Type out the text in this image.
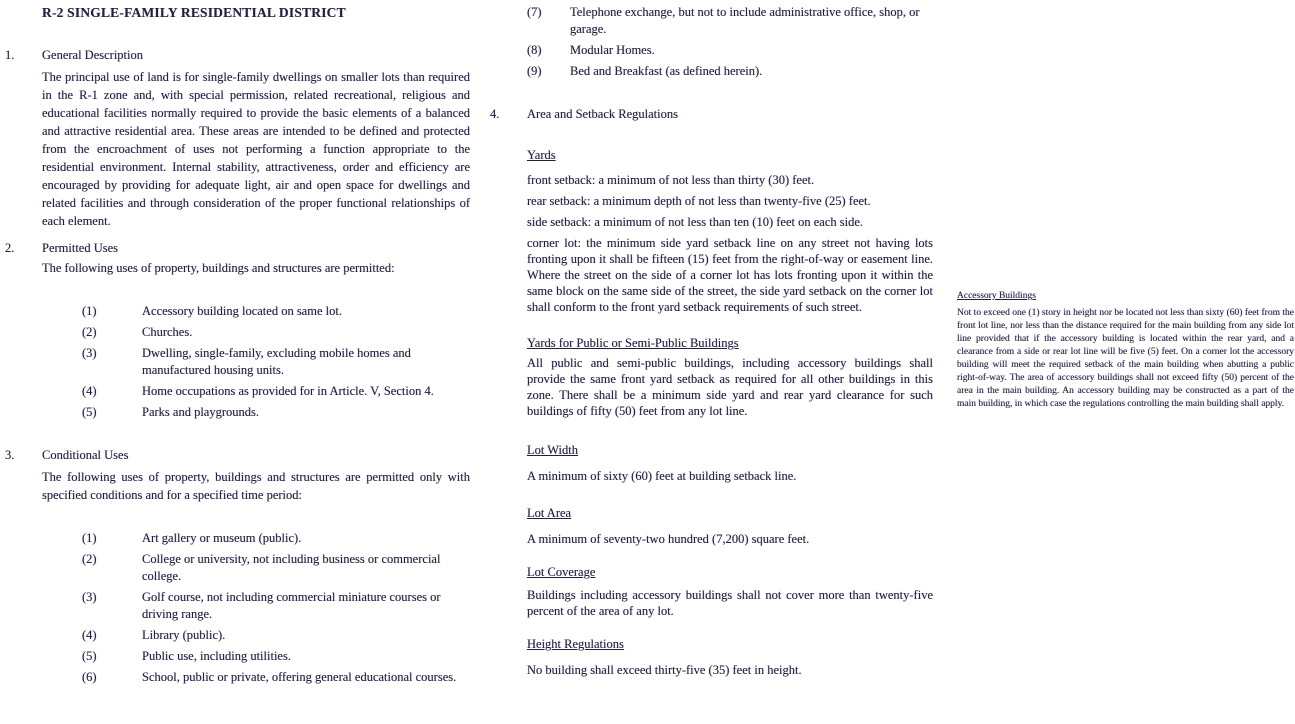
R-2 SINGLE-FAMILY RESIDENTIAL DISTRICT
1.	General Description

The principal use of land is for single-family dwellings on smaller lots than required in the R-1 zone and, with special permission, related recreational, religious and educational facilities normally required to provide the basic elements of a balanced and attractive residential area. These areas are intended to be defined and protected from the encroachment of uses not performing a function appropriate to the residential environment. Internal stability, attractiveness, order and efficiency are encouraged by providing for adequate light, air and open space for dwellings and related facilities and through consideration of the proper functional relationships of each element.

2.	Permitted Uses

The following uses of property, buildings and structures are permitted:

(1)	Accessory building located on same lot.
(2)	Churches.
(3)	Dwelling, single-family, excluding mobile homes and manufactured housing units.
(4)	Home occupations as provided for in Article. V, Section 4.
(5)	Parks and playgrounds.
3.	Conditional Uses

The following uses of property, buildings and structures are permitted only with specified conditions and for a specified time period:

(1)	Art gallery or museum (public).
(2)	College or university, not including business or commercial college.
(3)	Golf course, not including commercial miniature courses or driving range.
(4)	Library (public).
(5)	Public use, including utilities.
(6)	School, public or private, offering general educational courses.
(7)	Telephone exchange, but not to include administrative office, shop, or garage.
(8)	Modular Homes.
(9)	Bed and Breakfast (as defined herein).
4.	Area and Setback Regulations
Yards

front setback: a minimum of not less than thirty (30) feet.

rear setback: a minimum depth of not less than twenty-five (25) feet.

side setback: a minimum of not less than ten (10) feet on each side.

corner lot: the minimum side yard setback line on any street not having lots fronting upon it shall be fifteen (15) feet from the right-of-way or easement line. Where the street on the side of a corner lot has lots fronting upon it within the same block on the same side of the street, the side yard setback on the corner lot shall conform to the front yard setback requirements of such street.

Yards for Public or Semi-Public Buildings

All public and semi-public buildings, including accessory buildings shall provide the same front yard setback as required for all other buildings in this zone. There shall be a minimum side yard and rear yard clearance for such buildings of fifty (50) feet from any lot line.

Lot Width

A minimum of sixty (60) feet at building setback line.

Lot Area

A minimum of seventy-two hundred (7,200) square feet.

Lot Coverage

Buildings including accessory buildings shall not cover more than twenty-five percent of the area of any lot.

Height Regulations

No building shall exceed thirty-five (35) feet in height.

Accessory Buildings

Not to exceed one (1) story in height nor be located not less than sixty (60) feet from the front lot line, nor less than the distance required for the main building from any side lot line provided that if the accessory building is located within the rear yard, and a clearance from a side or rear lot line will be five (5) feet. On a corner lot the accessory building will meet the required setback of the main building when abutting a public right-of-way. The area of accessory buildings shall not exceed fifty (50) percent of the area in the main building. An accessory building may be constructed as a part of the main building, in which case the regulations controlling the main building shall apply.
